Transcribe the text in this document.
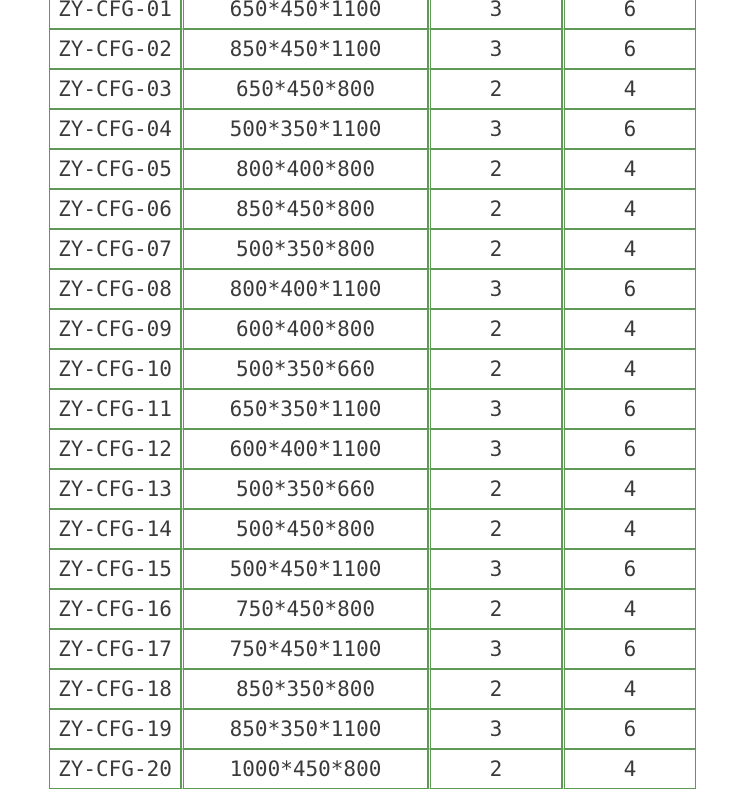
ZY-CFG-01	650*450*1100	3	6
ZY-CFG-02	850*450*1100	3	6
ZY-CFG-03	650*450*800	2	4
ZY-CFG-04	500*350*1100	3	6
ZY-CFG-05	800*400*800	2	4
ZY-CFG-06	850*450*800	2	4
ZY-CFG-07	500*350*800	2	4
ZY-CFG-08	800*400*1100	3	6
ZY-CFG-09	600*400*800	2	4
ZY-CFG-10	500*350*660	2	4
ZY-CFG-11	650*350*1100	3	6
ZY-CFG-12	600*400*1100	3	6
ZY-CFG-13	500*350*660	2	4
ZY-CFG-14	500*450*800	2	4
ZY-CFG-15	500*450*1100	3	6
ZY-CFG-16	750*450*800	2	4
ZY-CFG-17	750*450*1100	3	6
ZY-CFG-18	850*350*800	2	4
ZY-CFG-19	850*350*1100	3	6
ZY-CFG-20	1000*450*800	2	4
